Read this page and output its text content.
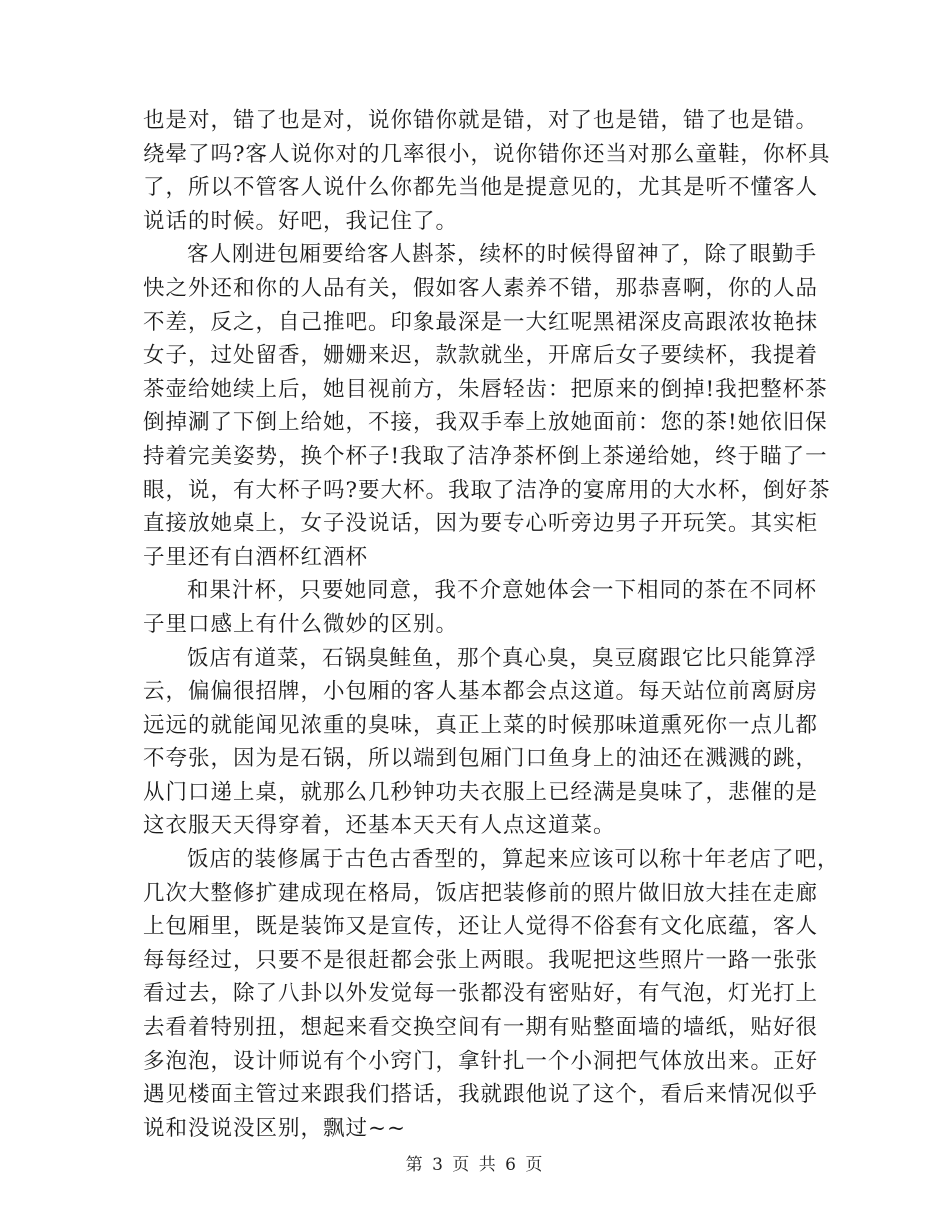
也是对，错了也是对，说你错你就是错，对了也是错，错了也是错。
绕晕了吗?客人说你对的几率很小，说你错你还当对那么童鞋，你杯具
了，所以不管客人说什么你都先当他是提意见的，尤其是听不懂客人
说话的时候。好吧，我记住了。
客人刚进包厢要给客人斟茶，续杯的时候得留神了，除了眼勤手
快之外还和你的人品有关，假如客人素养不错，那恭喜啊，你的人品
不差，反之，自己推吧。印象最深是一大红呢黑裙深皮高跟浓妆艳抹
女子，过处留香，姗姗来迟，款款就坐，开席后女子要续杯，我提着
茶壶给她续上后，她目视前方，朱唇轻齿：把原来的倒掉!我把整杯茶
倒掉涮了下倒上给她，不接，我双手奉上放她面前：您的茶!她依旧保
持着完美姿势，换个杯子!我取了洁净茶杯倒上茶递给她，终于瞄了一
眼，说，有大杯子吗?要大杯。我取了洁净的宴席用的大水杯，倒好茶
直接放她桌上，女子没说话，因为要专心听旁边男子开玩笑。其实柜
子里还有白酒杯红酒杯
和果汁杯，只要她同意，我不介意她体会一下相同的茶在不同杯
子里口感上有什么微妙的区别。
饭店有道菜，石锅臭鲑鱼，那个真心臭，臭豆腐跟它比只能算浮
云，偏偏很招牌，小包厢的客人基本都会点这道。每天站位前离厨房
远远的就能闻见浓重的臭味，真正上菜的时候那味道熏死你一点儿都
不夸张，因为是石锅，所以端到包厢门口鱼身上的油还在溅溅的跳，
从门口递上桌，就那么几秒钟功夫衣服上已经满是臭味了，悲催的是
这衣服天天得穿着，还基本天天有人点这道菜。
饭店的装修属于古色古香型的，算起来应该可以称十年老店了吧，
几次大整修扩建成现在格局，饭店把装修前的照片做旧放大挂在走廊
上包厢里，既是装饰又是宣传，还让人觉得不俗套有文化底蕴，客人
每每经过，只要不是很赶都会张上两眼。我呢把这些照片一路一张张
看过去，除了八卦以外发觉每一张都没有密贴好，有气泡，灯光打上
去看着特别扭，想起来看交换空间有一期有贴整面墙的墙纸，贴好很
多泡泡，设计师说有个小窍门，拿针扎一个小洞把气体放出来。正好
遇见楼面主管过来跟我们搭话，我就跟他说了这个，看后来情况似乎
说和没说没区别，飘过~~
第 3 页 共 6 页
